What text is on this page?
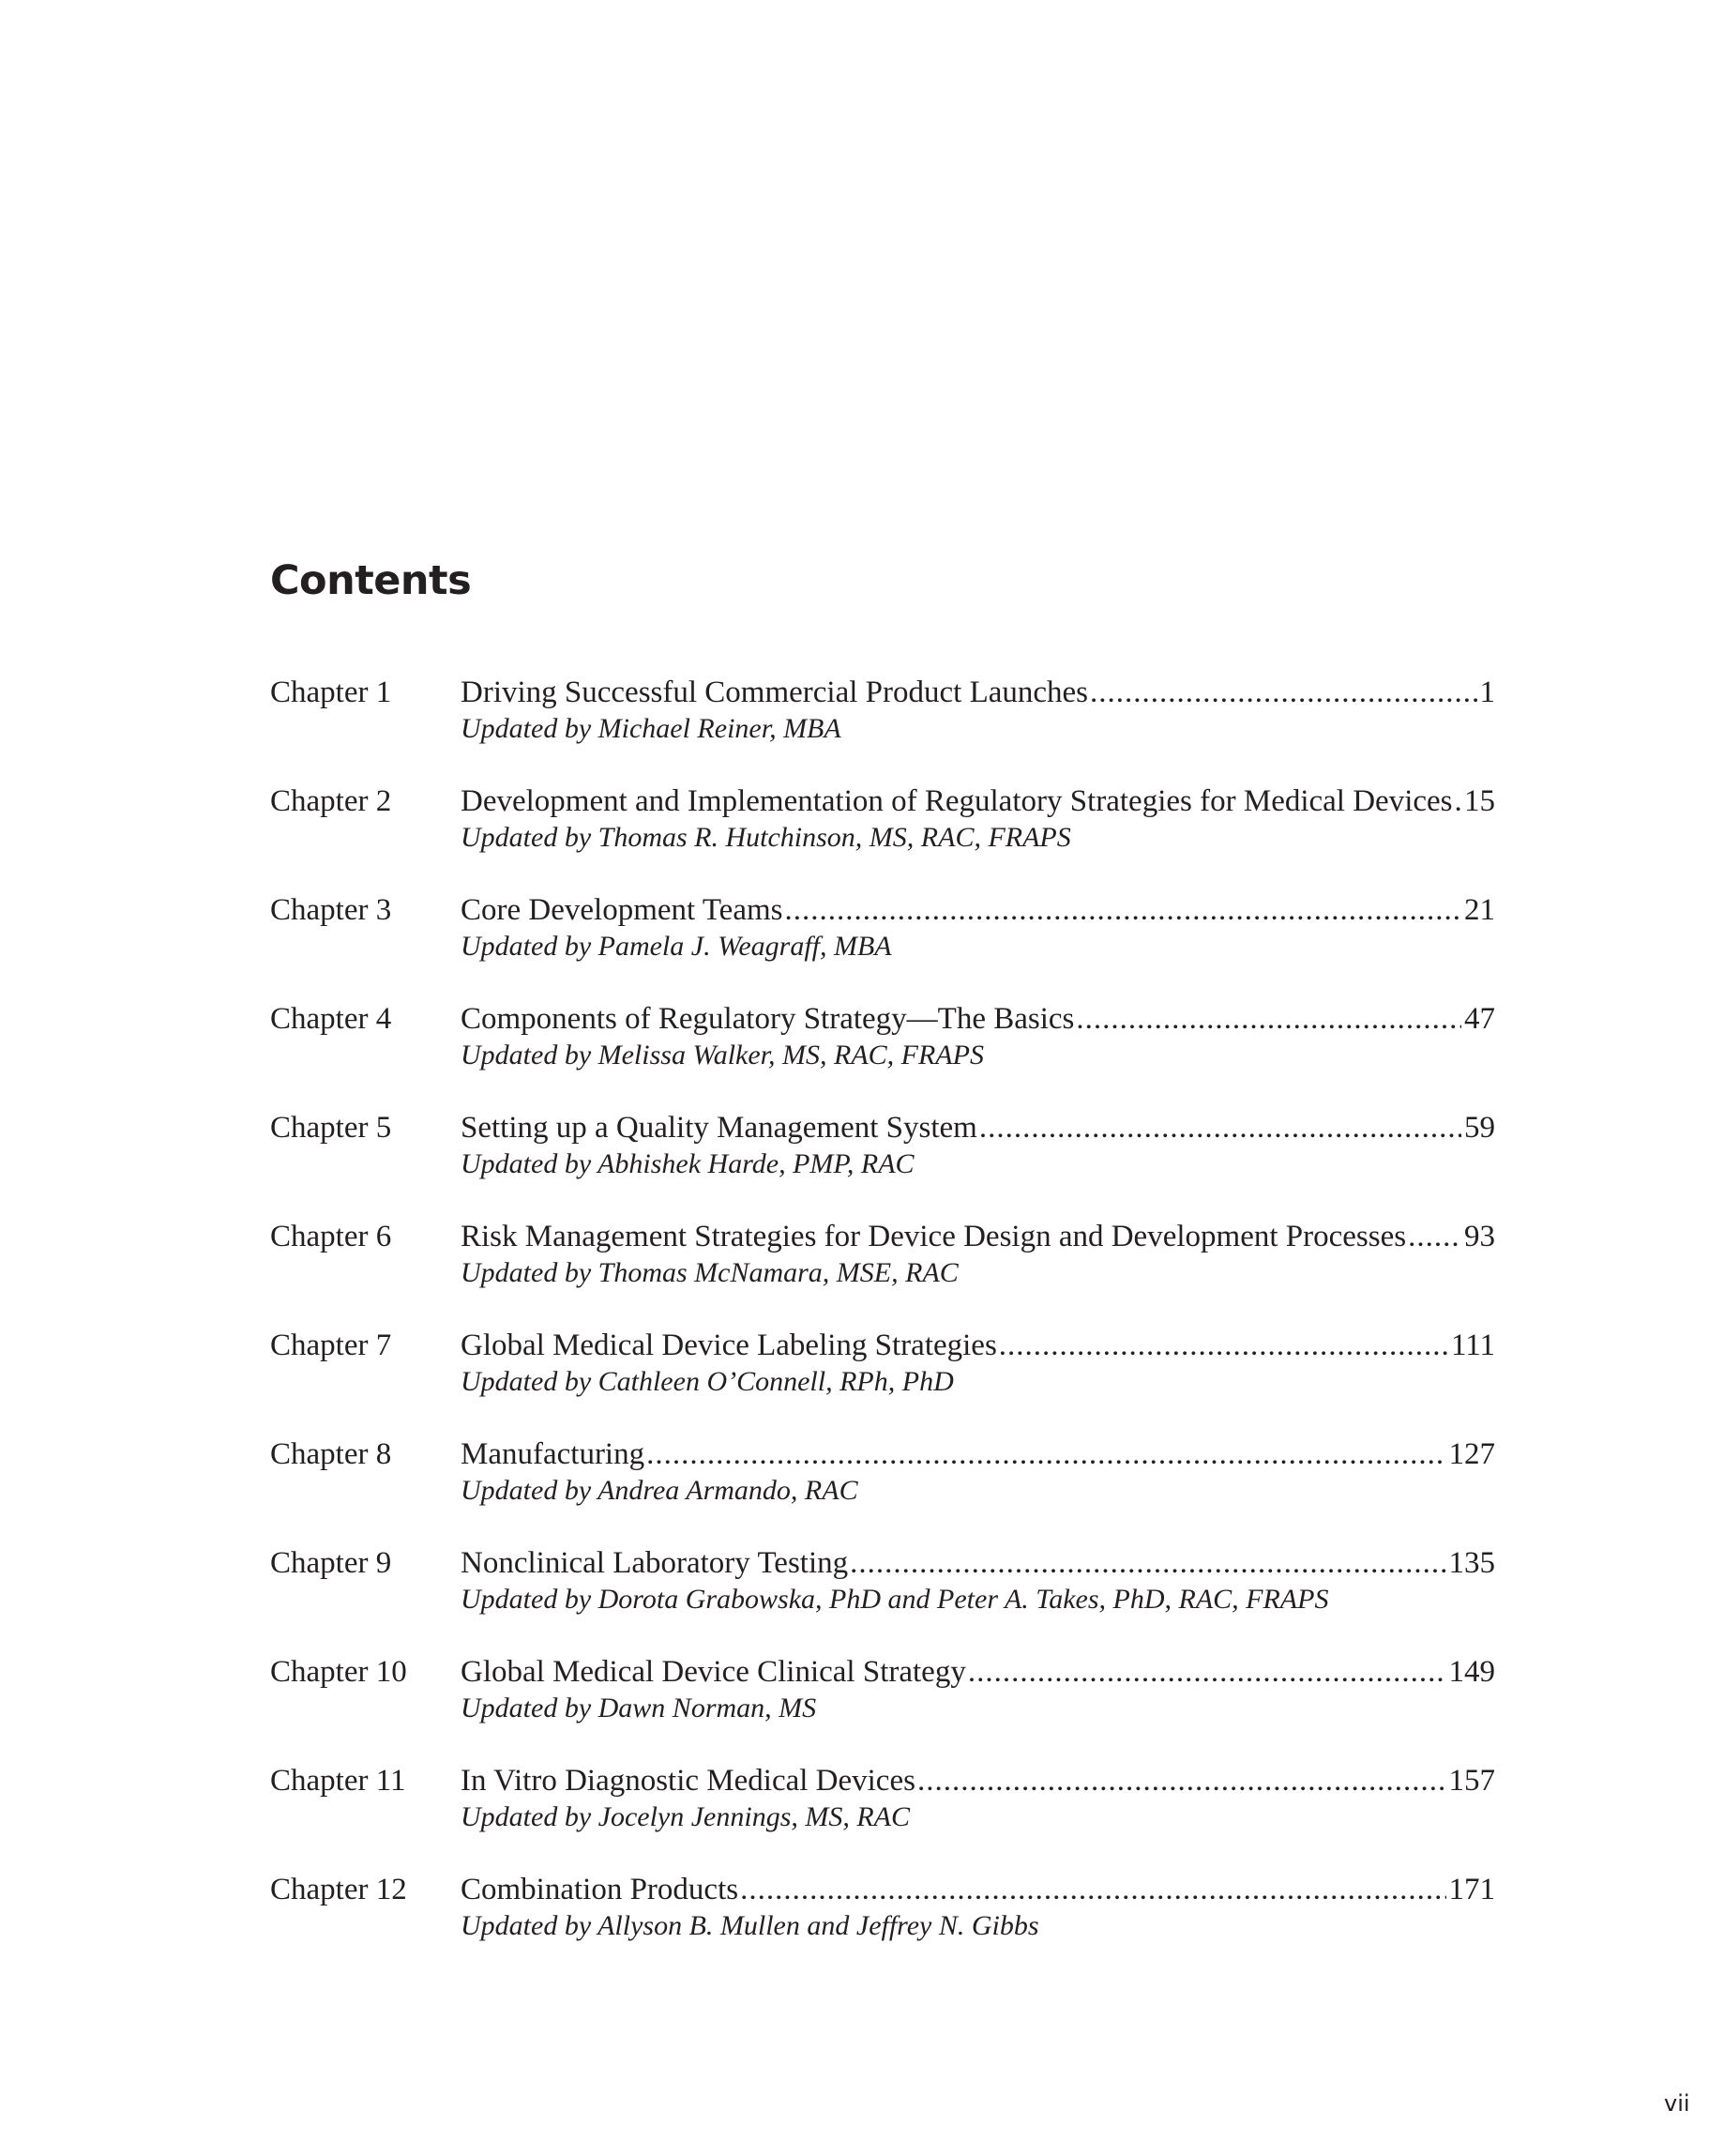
Contents
Chapter 1 Driving Successful Commercial Product Launches .....	1
Updated by Michael Reiner, MBA
Chapter 2 Development and Implementation of Regulatory Strategies for Medical Devices ..... 15
Updated by Thomas R. Hutchinson, MS, RAC, FRAPS
Chapter 3 Core Development Teams .....	21
Updated by Pamela J. Weagraff, MBA
Chapter 4 Components of Regulatory Strategy—The Basics .....	47
Updated by Melissa Walker, MS, RAC, FRAPS
Chapter 5 Setting up a Quality Management System .....	59
Updated by Abhishek Harde, PMP, RAC
Chapter 6 Risk Management Strategies for Device Design and Development Processes ..... 93
Updated by Thomas McNamara, MSE, RAC
Chapter 7 Global Medical Device Labeling Strategies .....	111
Updated by Cathleen O’Connell, RPh, PhD
Chapter 8 Manufacturing .....	127
Updated by Andrea Armando, RAC
Chapter 9 Nonclinical Laboratory Testing .....	135
Updated by Dorota Grabowska, PhD and Peter A. Takes, PhD, RAC, FRAPS
Chapter 10 Global Medical Device Clinical Strategy .....	149
Updated by Dawn Norman, MS
Chapter 11 In Vitro Diagnostic Medical Devices .....	157
Updated by Jocelyn Jennings, MS, RAC
Chapter 12 Combination Products .....	171
Updated by Allyson B. Mullen and Jeffrey N. Gibbs
vii
